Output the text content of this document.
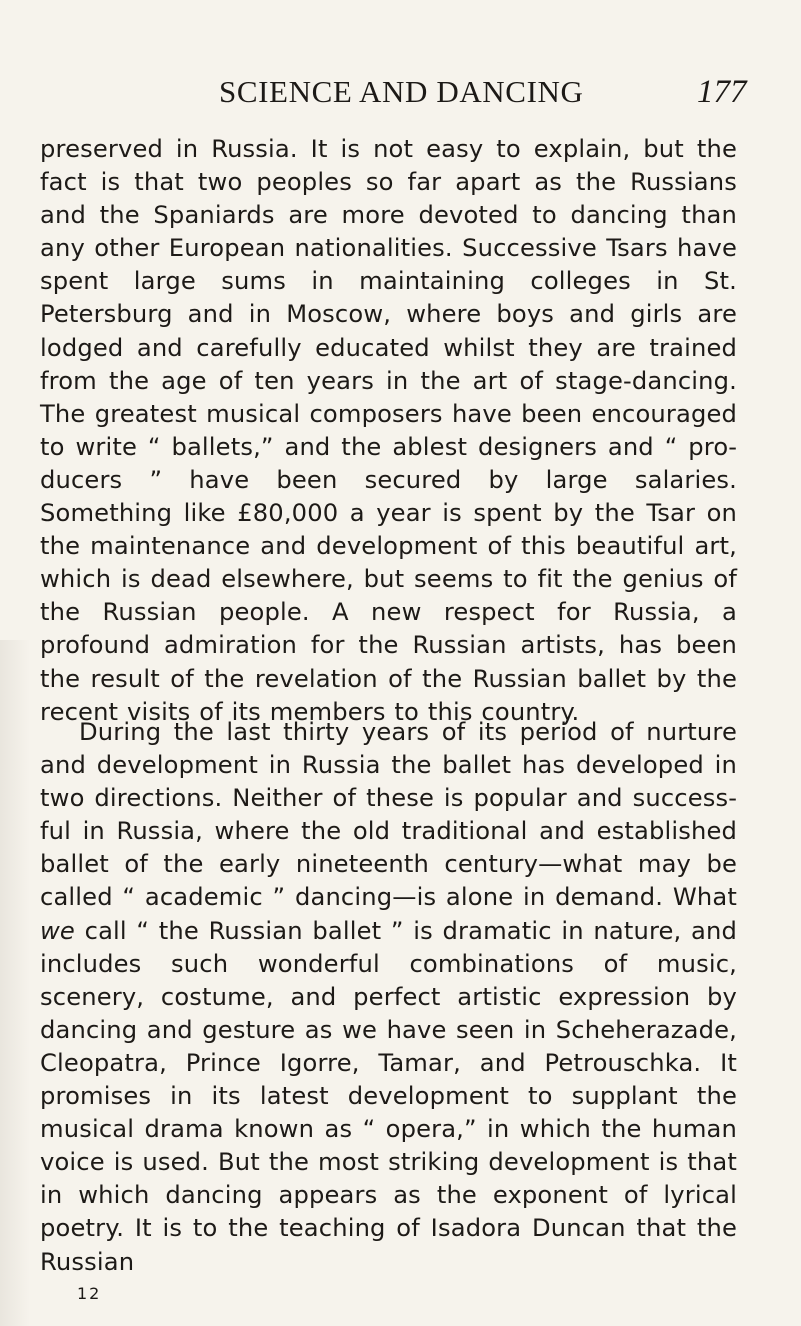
SCIENCE AND DANCING	177

preserved in Russia. It is not easy to explain, but the fact is that two peoples so far apart as the Russians and the Spaniards are more devoted to dancing than any other European nationalities. Successive Tsars have spent large sums in maintaining colleges in St. Petersburg and in Moscow, where boys and girls are lodged and carefully educated whilst they are trained from the age of ten years in the art of stage-dancing. The greatest musical composers have been encouraged to write “ ballets,” and the ablest designers and “ producers ” have been secured by large salaries. Something like £80,000 a year is spent by the Tsar on the maintenance and development of this beautiful art, which is dead elsewhere, but seems to fit the genius of the Russian people. A new respect for Russia, a profound admiration for the Russian artists, has been the result of the revelation of the Russian ballet by the recent visits of its members to this country.

During the last thirty years of its period of nurture and development in Russia the ballet has developed in two directions. Neither of these is popular and successful in Russia, where the old traditional and established ballet of the early nineteenth century—what may be called “ academic ” dancing—is alone in demand. What we call “ the Russian ballet ” is dramatic in nature, and includes such wonderful combinations of music, scenery, costume, and perfect artistic expression by dancing and gesture as we have seen in Scheherazade, Cleopatra, Prince Igorre, Tamar, and Petrouschka. It promises in its latest development to supplant the musical drama known as “ opera,” in which the human voice is used. But the most striking development is that in which dancing appears as the exponent of lyrical poetry. It is to the teaching of Isadora Duncan that the Russian

12
